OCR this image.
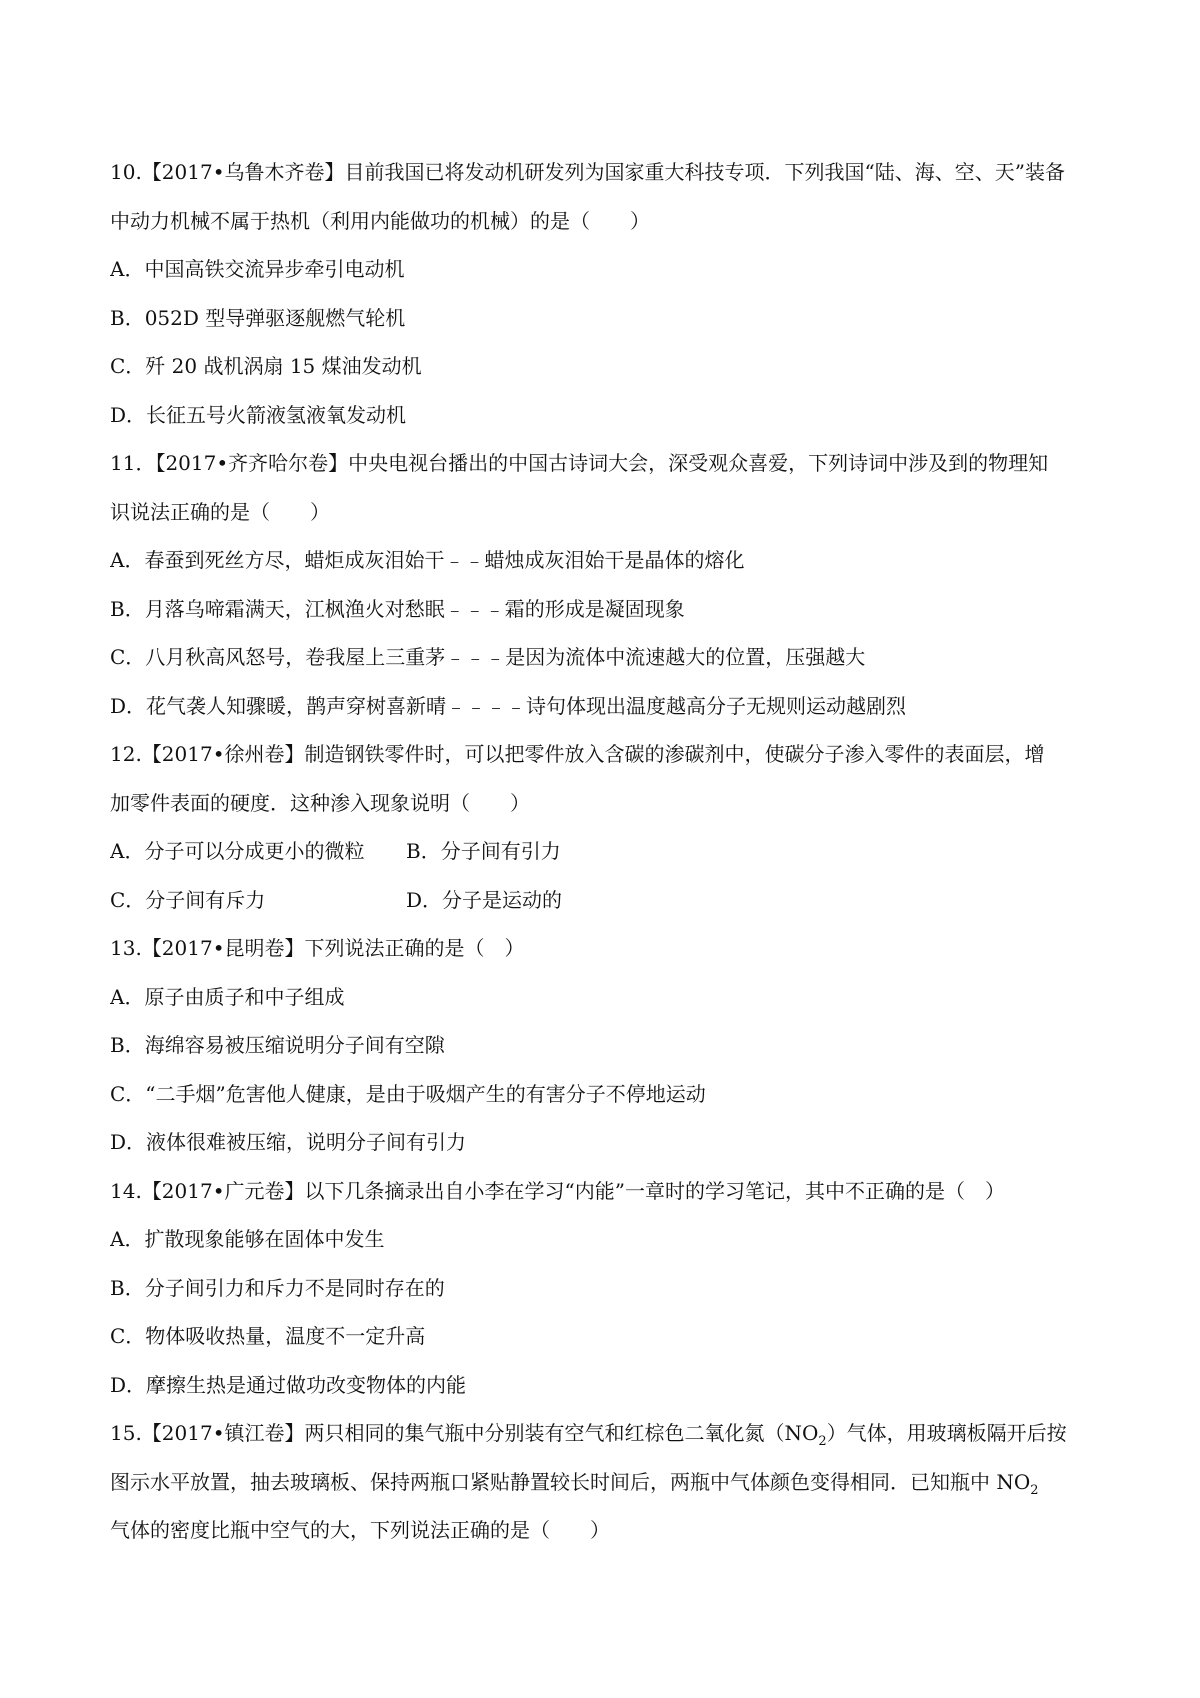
10.【2017•乌鲁木齐卷】目前我国已将发动机研发列为国家重大科技专项．下列我国“陆、海、空、天”装备
中动力机械不属于热机（利用内能做功的机械）的是（　　）
A．中国高铁交流异步牵引电动机
B．052D 型导弹驱逐舰燃气轮机
C．歼 20 战机涡扇 15 煤油发动机
D．长征五号火箭液氢液氧发动机
11．【2017•齐齐哈尔卷】中央电视台播出的中国古诗词大会，深受观众喜爱，下列诗词中涉及到的物理知
识说法正确的是（　　）
A．春蚕到死丝方尽，蜡炬成灰泪始干﹣﹣蜡烛成灰泪始干是晶体的熔化
B．月落乌啼霜满天，江枫渔火对愁眠﹣﹣﹣霜的形成是凝固现象
C．八月秋高风怒号，卷我屋上三重茅﹣﹣﹣是因为流体中流速越大的位置，压强越大
D．花气袭人知骤暖，鹊声穿树喜新晴﹣﹣﹣﹣诗句体现出温度越高分子无规则运动越剧烈
12.【2017•徐州卷】制造钢铁零件时，可以把零件放入含碳的渗碳剂中，使碳分子渗入零件的表面层，增
加零件表面的硬度．这种渗入现象说明（　　）
A．分子可以分成更小的微粒	B．分子间有引力
C．分子间有斥力	D．分子是运动的
13.【2017•昆明卷】下列说法正确的是（　）
A．原子由质子和中子组成
B．海绵容易被压缩说明分子间有空隙
C．“二手烟”危害他人健康，是由于吸烟产生的有害分子不停地运动
D．液体很难被压缩，说明分子间有引力
14.【2017•广元卷】以下几条摘录出自小李在学习“内能”一章时的学习笔记，其中不正确的是（　）
A．扩散现象能够在固体中发生
B．分子间引力和斥力不是同时存在的
C．物体吸收热量，温度不一定升高
D．摩擦生热是通过做功改变物体的内能
15.【2017•镇江卷】两只相同的集气瓶中分别装有空气和红棕色二氧化氮$(NO_2)$气体，用玻璃板隔开后按
图示水平放置，抽去玻璃板、保持两瓶口紧贴静置较长时间后，两瓶中气体颜色变得相同．已知瓶中 $NO_2$
气体的密度比瓶中空气的大，下列说法正确的是（　　）
